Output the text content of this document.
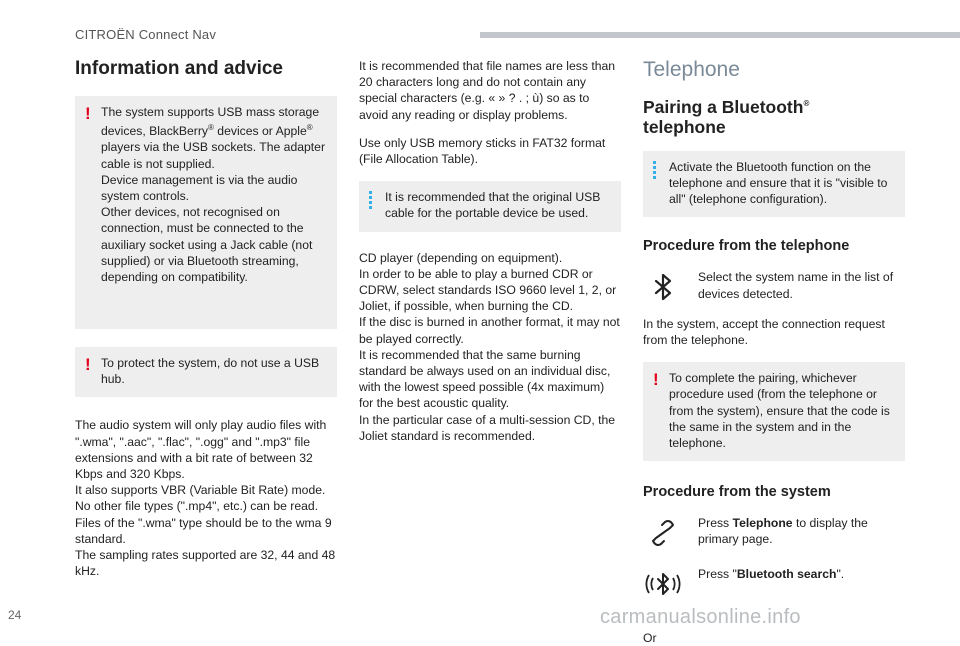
CITROËN Connect Nav
Information and advice
! The system supports USB mass storage devices, BlackBerry® devices or Apple® players via the USB sockets. The adapter cable is not supplied.
Device management is via the audio system controls.
Other devices, not recognised on connection, must be connected to the auxiliary socket using a Jack cable (not supplied) or via Bluetooth streaming, depending on compatibility.
! To protect the system, do not use a USB hub.
The audio system will only play audio files with ".wma", ".aac", ".flac", ".ogg" and ".mp3" file extensions and with a bit rate of between 32 Kbps and 320 Kbps.
It also supports VBR (Variable Bit Rate) mode.
No other file types (".mp4", etc.) can be read.
Files of the ".wma" type should be to the wma 9 standard.
The sampling rates supported are 32, 44 and 48 kHz.

It is recommended that file names are less than 20 characters long and do not contain any special characters (e.g. « » ? . ; ù) so as to avoid any reading or display problems.

Use only USB memory sticks in FAT32 format (File Allocation Table).

It is recommended that the original USB cable for the portable device be used.
CD player (depending on equipment).
In order to be able to play a burned CDR or CDRW, select standards ISO 9660 level 1, 2, or Joliet, if possible, when burning the CD.
If the disc is burned in another format, it may not be played correctly.
It is recommended that the same burning standard be always used on an individual disc, with the lowest speed possible (4x maximum) for the best acoustic quality.
In the particular case of a multi-session CD, the Joliet standard is recommended.
Telephone
Pairing a Bluetooth®
telephone
Activate the Bluetooth function on the telephone and ensure that it is "visible to all" (telephone configuration).
Procedure from the telephone
Select the system name in the list of devices detected.

In the system, accept the connection request from the telephone.

! To complete the pairing, whichever procedure used (from the telephone or from the system), ensure that the code is the same in the system and in the telephone.
Procedure from the system
Press Telephone to display the primary page.
Press "Bluetooth search".
Or
24	carmanualsonline.info
